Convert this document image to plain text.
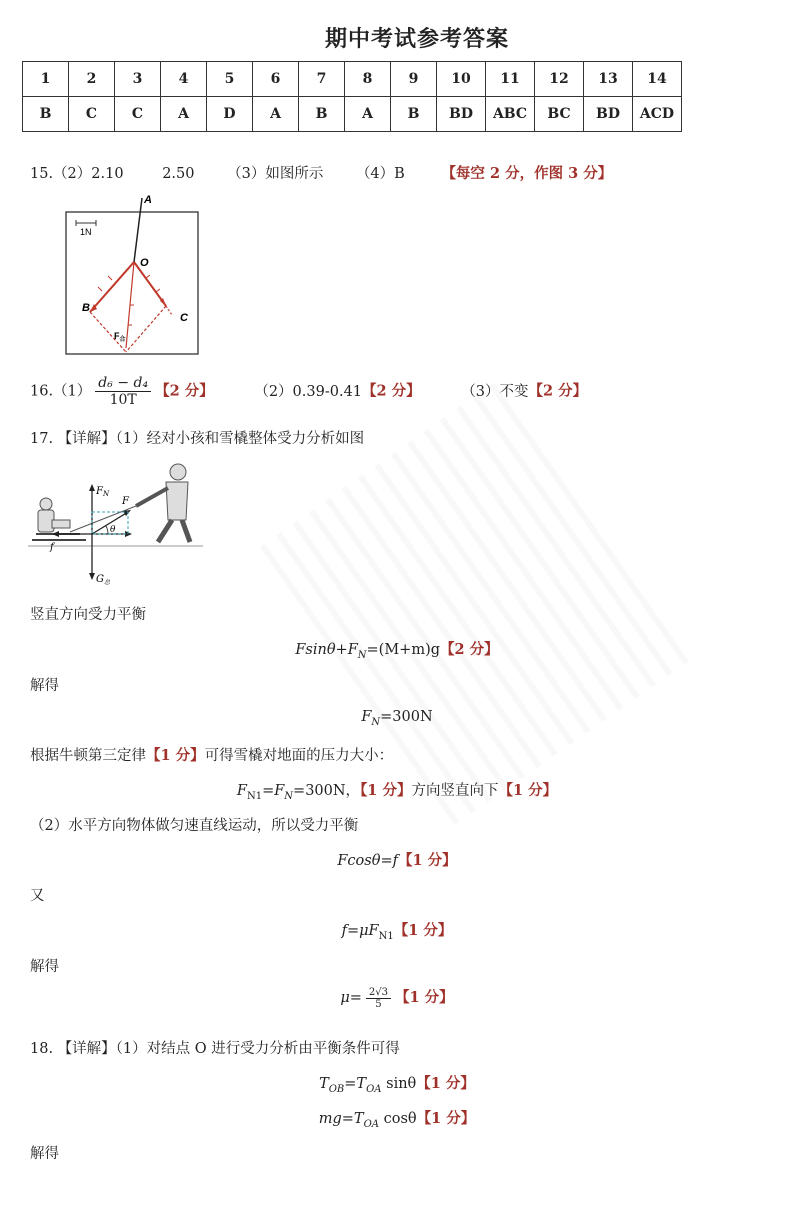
期中考试参考答案
1	2	3	4	5	6	7	8	9	10	11	12	13	14
B	C	C	A	D	A	B	A	B	BD	ABC	BC	BD	ACD
15.（2）2.10	2.50 （3）如图所示 （4）B	【每空 2 分，作图 3 分】
A
O
B
C
1N
$F_合$
$16.(1) \frac{\text{d₆ − d₄}}{10T}$ 【2 分】	（2）0.39-0.41【2 分】	（3）不变【2 分】
17. 【详解】（1）经对小孩和雪橇整体受力分析如图
$F_N$
F
θ
f
$G_总$
竖直方向受力平衡
$Fsin\theta+F_N=(M+m)g$【2 分】
解得
$F_N=300N$
根据牛顿第三定律【1 分】可得雪橇对地面的压力大小：
$F_{N1}=F_N=300N$，【1 分】方向竖直向下【1 分】
（2）水平方向物体做匀速直线运动，所以受力平衡
Fcosθ=f【1 分】
又
$f=\mu F_{N1}$【1 分】
解得
$\mu= \frac{2√3}{5}$ 【1 分】
18. 【详解】（1）对结点 O 进行受力分析由平衡条件可得
$T_{OB}=T_{OA}$ sinθ【1 分】
$mg=T_{OA}$ cosθ【1 分】
解得
